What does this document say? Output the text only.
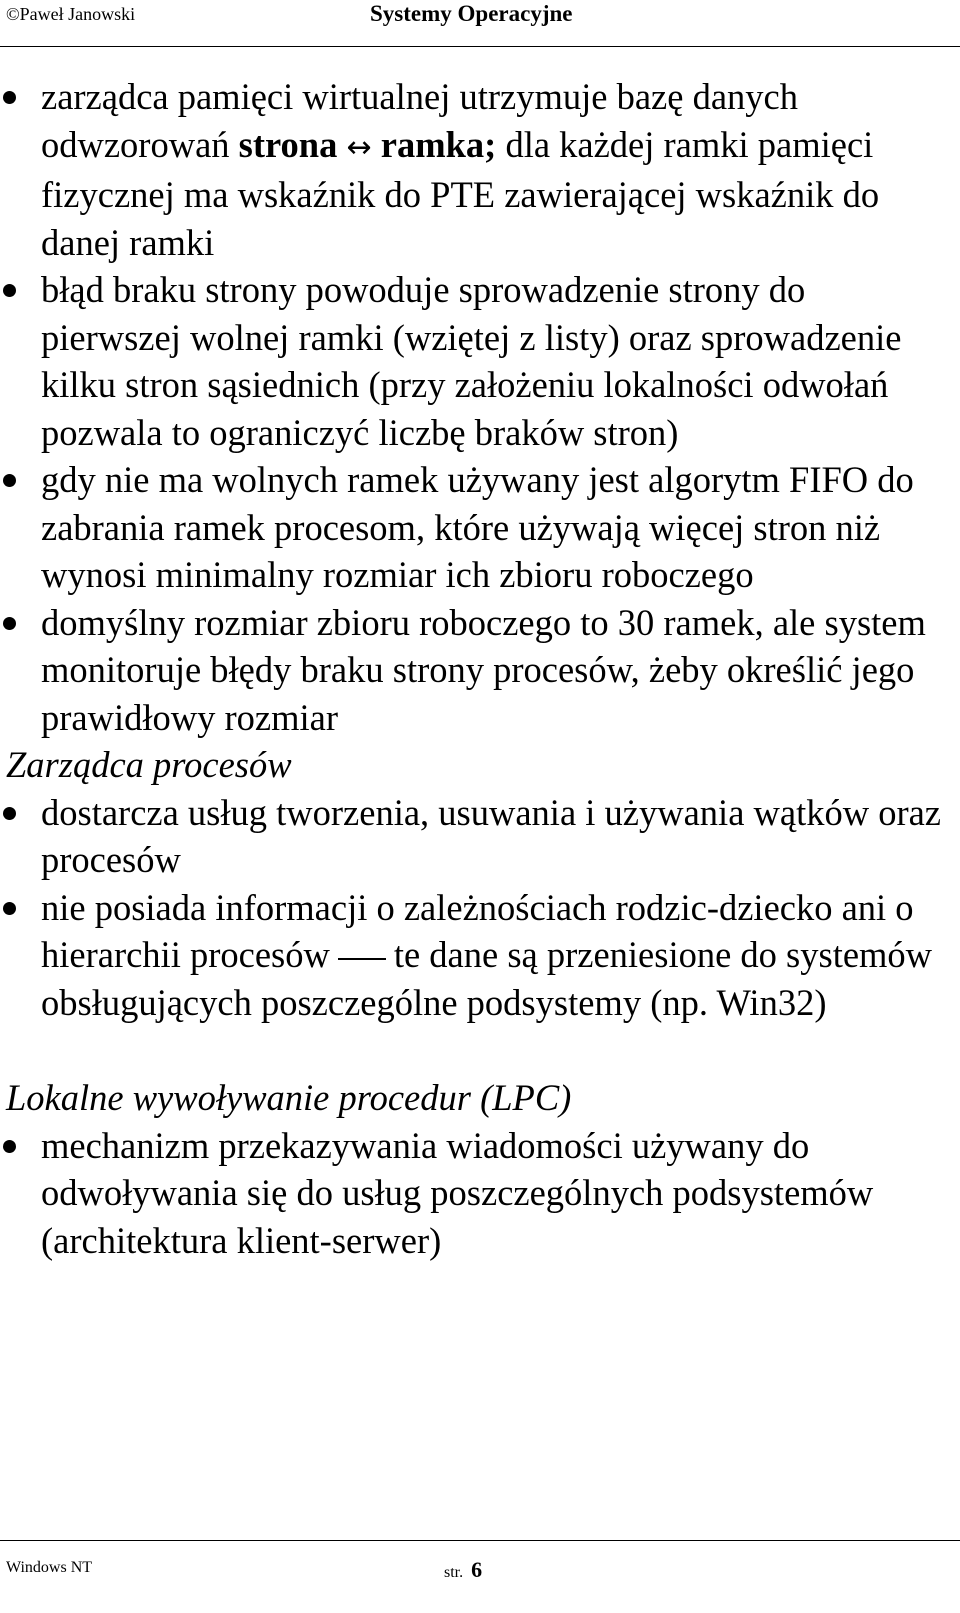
©Paweł Janowski	Systemy Operacyjne
zarządca pamięci wirtualnej utrzymuje bazę danych odwzorowań strona ↔ ramka; dla każdej ramki pamięci fizycznej ma wskaźnik do PTE zawierającej wskaźnik do danej ramki
błąd braku strony powoduje sprowadzenie strony do pierwszej wolnej ramki (wziętej z listy) oraz sprowadzenie kilku stron sąsiednich (przy założeniu lokalności odwołań pozwala to ograniczyć liczbę braków stron)
gdy nie ma wolnych ramek używany jest algorytm FIFO do zabrania ramek procesom, które używają więcej stron niż wynosi minimalny rozmiar ich zbioru roboczego
domyślny rozmiar zbioru roboczego to 30 ramek, ale system monitoruje błędy braku strony procesów, żeby określić jego prawidłowy rozmiar
Zarządca procesów
dostarcza usług tworzenia, usuwania i używania wątków oraz procesów
nie posiada informacji o zależnościach rodzic-dziecko ani o hierarchii procesów te dane są przeniesione do systemów obsługujących poszczególne podsystemy (np. Win32)
Lokalne wywoływanie procedur (LPC)
mechanizm przekazywania wiadomości używany do odwoływania się do usług poszczególnych podsystemów (architektura klient-serwer)
Windows NT	str. 6
